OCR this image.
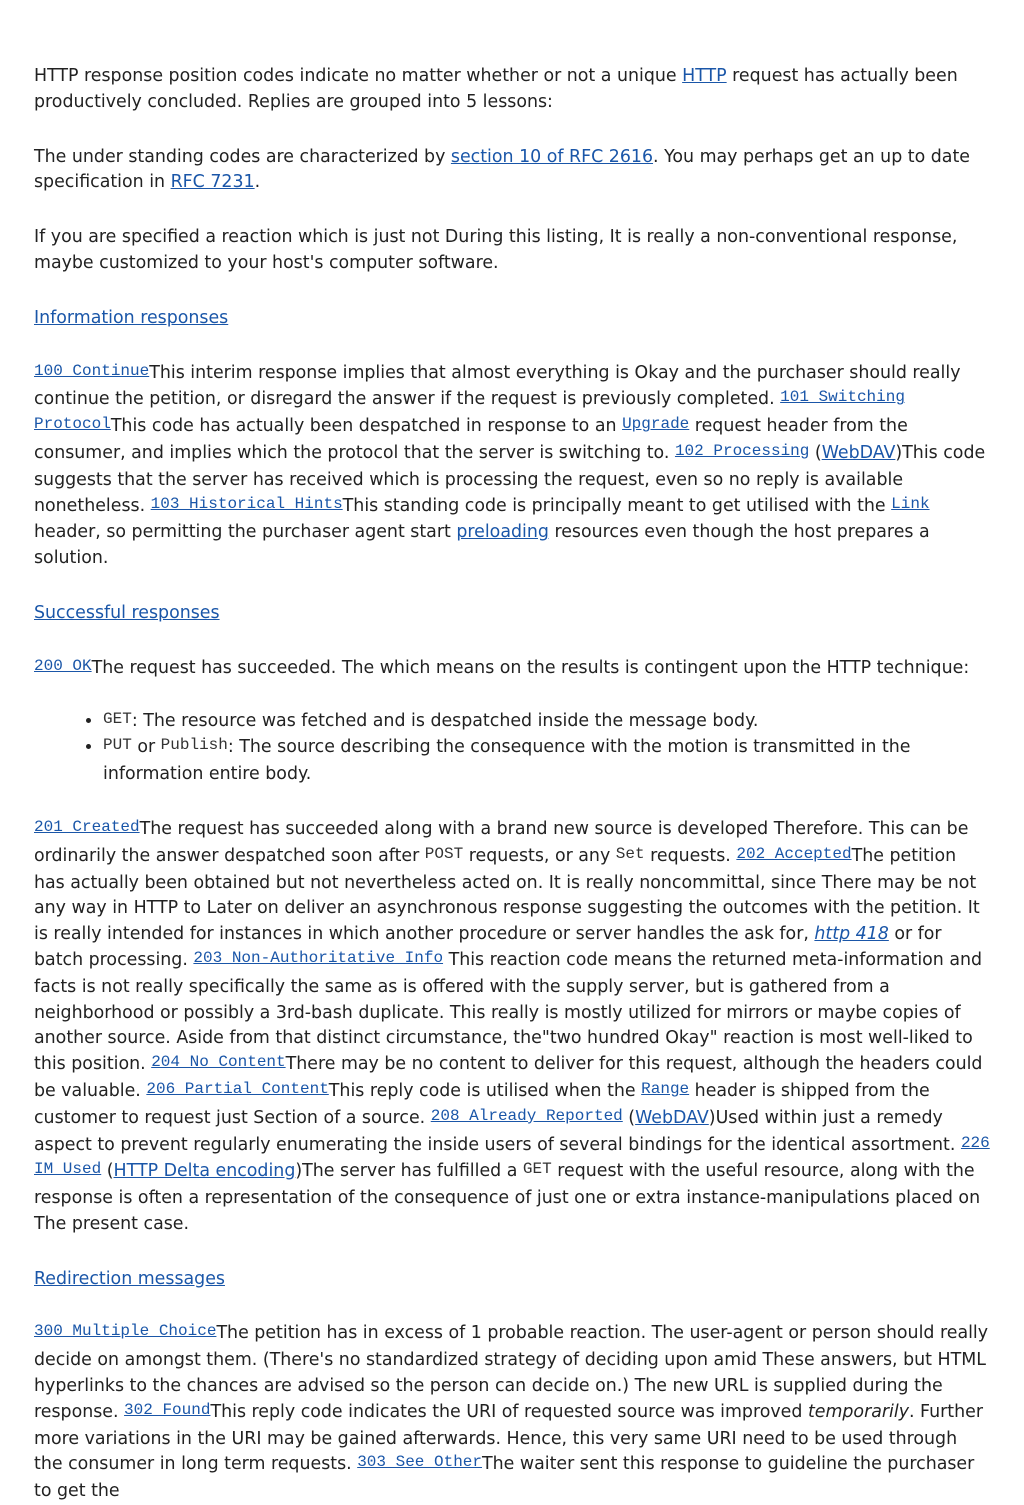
HTTP response position codes indicate no matter whether or not a unique HTTP request has actually been productively concluded. Replies are grouped into 5 lessons:

The under standing codes are characterized by section 10 of RFC 2616. You may perhaps get an up to date specification in RFC 7231.

If you are specified a reaction which is just not During this listing, It is really a non-conventional response, maybe customized to your host's computer software.

Information responses

100 ContinueThis interim response implies that almost everything is Okay and the purchaser should really continue the petition, or disregard the answer if the request is previously completed. 101 Switching ProtocolThis code has actually been despatched in response to an Upgrade request header from the consumer, and implies which the protocol that the server is switching to. 102 Processing (WebDAV)This code suggests that the server has received which is processing the request, even so no reply is available nonetheless. 103 Historical HintsThis standing code is principally meant to get utilised with the Link header, so permitting the purchaser agent start preloading resources even though the host prepares a solution.

Successful responses

200 OKThe request has succeeded. The which means on the results is contingent upon the HTTP technique:

• GET: The resource was fetched and is despatched inside the message body.
• PUT or Publish: The source describing the consequence with the motion is transmitted in the information entire body.

201 CreatedThe request has succeeded along with a brand new source is developed Therefore. This can be ordinarily the answer despatched soon after POST requests, or any Set requests. 202 AcceptedThe petition has actually been obtained but not nevertheless acted on. It is really noncommittal, since There may be not any way in HTTP to Later on deliver an asynchronous response suggesting the outcomes with the petition. It is really intended for instances in which another procedure or server handles the ask for, http 418 or for batch processing. 203 Non-Authoritative Info This reaction code means the returned meta-information and facts is not really specifically the same as is offered with the supply server, but is gathered from a neighborhood or possibly a 3rd-bash duplicate. This really is mostly utilized for mirrors or maybe copies of another source. Aside from that distinct circumstance, the"two hundred Okay" reaction is most well-liked to this position. 204 No ContentThere may be no content to deliver for this request, although the headers could be valuable. 206 Partial ContentThis reply code is utilised when the Range header is shipped from the customer to request just Section of a source. 208 Already Reported (WebDAV)Used within just a remedy aspect to prevent regularly enumerating the inside users of several bindings for the identical assortment. 226 IM Used (HTTP Delta encoding)The server has fulfilled a GET request with the useful resource, along with the response is often a representation of the consequence of just one or extra instance-manipulations placed on The present case.

Redirection messages

300 Multiple ChoiceThe petition has in excess of 1 probable reaction. The user-agent or person should really decide on amongst them. (There's no standardized strategy of deciding upon amid These answers, but HTML hyperlinks to the chances are advised so the person can decide on.) The new URL is supplied during the response. 302 FoundThis reply code indicates the URI of requested source was improved temporarily. Further more variations in the URI may be gained afterwards. Hence, this very same URI need to be used through the consumer in long term requests. 303 See OtherThe waiter sent this response to guideline the purchaser to get the
